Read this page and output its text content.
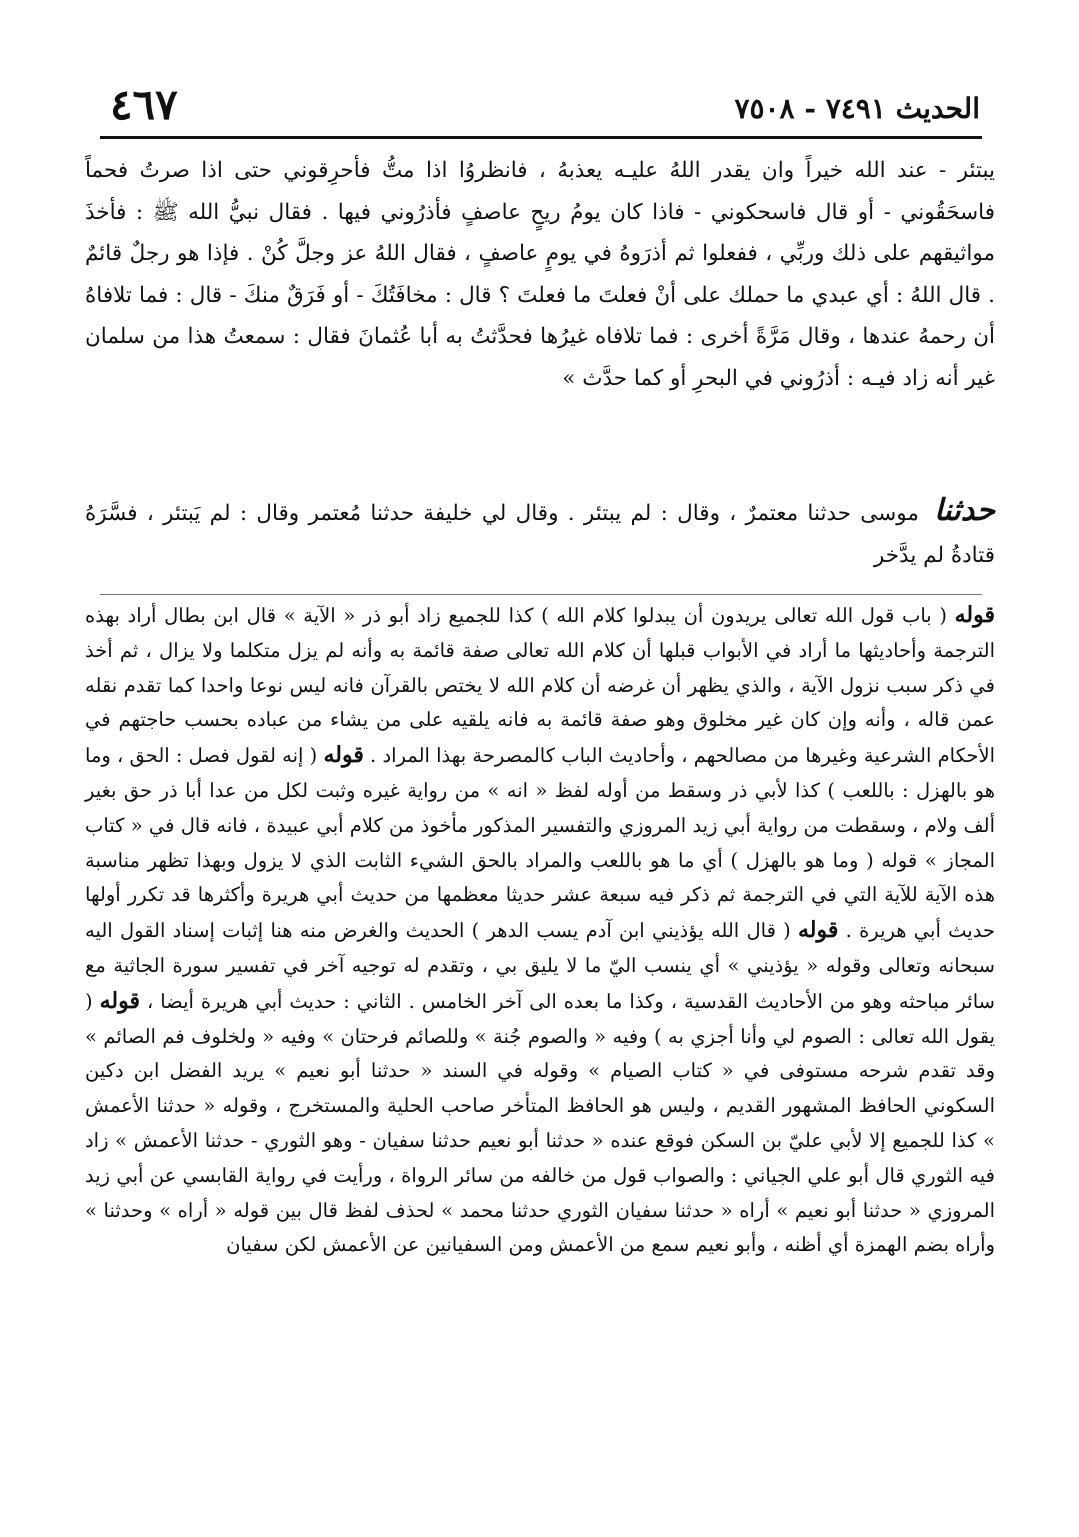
الحديث ٧٤٩١ - ٧٥٠٨
٤٦٧

يبتئر - عند الله خيراً وان يقدر اللهُ عليـه يعذبهُ ، فانظروُا اذا متُّ فأحرِقوني حتى اذا صرتُ فحماً فاسحَقُوني - أو قال فاسحكوني - فاذا كان يومُ ريحٍ عاصفٍ فأذرُوني فيها . فقال نبيُّ الله ﷺ : فأخذَ مواثيقهم على ذلك وربِّي ، ففعلوا ثم أذرَوهُ في يومٍ عاصفٍ ، فقال اللهُ عز وجلَّ كُنْ . فإذا هو رجلٌ قائمٌ . قال اللهُ : أي عبدي ما حملك على أنْ فعلتَ ما فعلتَ ؟ قال : مخافَتُكَ - أو فَرَقٌ منكَ - قال : فما تلافاهُ أن رحمهُ عندها ، وقال مَرَّةً أخرى : فما تلافاه غيرُها فحدَّثتُ به أبا عُثمانَ فقال : سمعتُ هذا من سلمان غير أنه زاد فيـه : أذرُوني في البحرِ أو كما حدَّث »

حدثنا موسى حدثنا معتمرٌ ، وقال : لم يبتئر . وقال لي خليفة حدثنا مُعتمر وقال : لم يَبتئر ، فسَّرَهُ قتادةُ لم يدَّخر

قوله ( باب قول الله تعالى يريدون أن يبدلوا كلام الله ) كذا للجميع زاد أبو ذر « الآية » قال ابن بطال أراد بهذه الترجمة وأحاديثها ما أراد في الأبواب قبلها أن كلام الله تعالى صفة قائمة به وأنه لم يزل متكلما ولا يزال ، ثم أخذ في ذكر سبب نزول الآية ، والذي يظهر أن غرضه أن كلام الله لا يختص بالقرآن فانه ليس نوعا واحدا كما تقدم نقله عمن قاله ، وأنه وإن كان غير مخلوق وهو صفة قائمة به فانه يلقيه على من يشاء من عباده بحسب حاجتهم في الأحكام الشرعية وغيرها من مصالحهم ، وأحاديث الباب كالمصرحة بهذا المراد . قوله ( إنه لقول فصل : الحق ، وما هو بالهزل : باللعب ) كذا لأبي ذر وسقط من أوله لفظ « انه » من رواية غيره وثبت لكل من عدا أبا ذر حق بغير ألف ولام ، وسقطت من رواية أبي زيد المروزي والتفسير المذكور مأخوذ من كلام أبي عبيدة ، فانه قال في « كتاب المجاز » قوله ( وما هو بالهزل ) أي ما هو باللعب والمراد بالحق الشيء الثابت الذي لا يزول وبهذا تظهر مناسبة هذه الآية للآية التي في الترجمة ثم ذكر فيه سبعة عشر حديثا معظمها من حديث أبي هريرة وأكثرها قد تكرر أولها حديث أبي هريرة . قوله ( قال الله يؤذيني ابن آدم يسب الدهر ) الحديث والغرض منه هنا إثبات إسناد القول اليه سبحانه وتعالى وقوله « يؤذيني » أي ينسب اليّ ما لا يليق بي ، وتقدم له توجيه آخر في تفسير سورة الجاثية مع سائر مباحثه وهو من الأحاديث القدسية ، وكذا ما بعده الى آخر الخامس . الثاني : حديث أبي هريرة أيضا ، قوله ( يقول الله تعالى : الصوم لي وأنا أجزي به ) وفيه « والصوم جُنة » وللصائم فرحتان » وفيه « ولخلوف فم الصائم » وقد تقدم شرحه مستوفى في « كتاب الصيام » وقوله في السند « حدثنا أبو نعيم » يريد الفضل ابن دكين السكوني الحافظ المشهور القديم ، وليس هو الحافظ المتأخر صاحب الحلية والمستخرج ، وقوله « حدثنا الأعمش » كذا للجميع إلا لأبي عليّ بن السكن فوقع عنده « حدثنا أبو نعيم حدثنا سفيان - وهو الثوري - حدثنا الأعمش » زاد فيه الثوري قال أبو علي الجياني : والصواب قول من خالفه من سائر الرواة ، ورأيت في رواية القابسي عن أبي زيد المروزي « حدثنا أبو نعيم » أراه « حدثنا سفيان الثوري حدثنا محمد » لحذف لفظ قال بين قوله « أراه » وحدثنا » وأراه بضم الهمزة أي أظنه ، وأبو نعيم سمع من الأعمش ومن السفيانين عن الأعمش لكن سفيان
